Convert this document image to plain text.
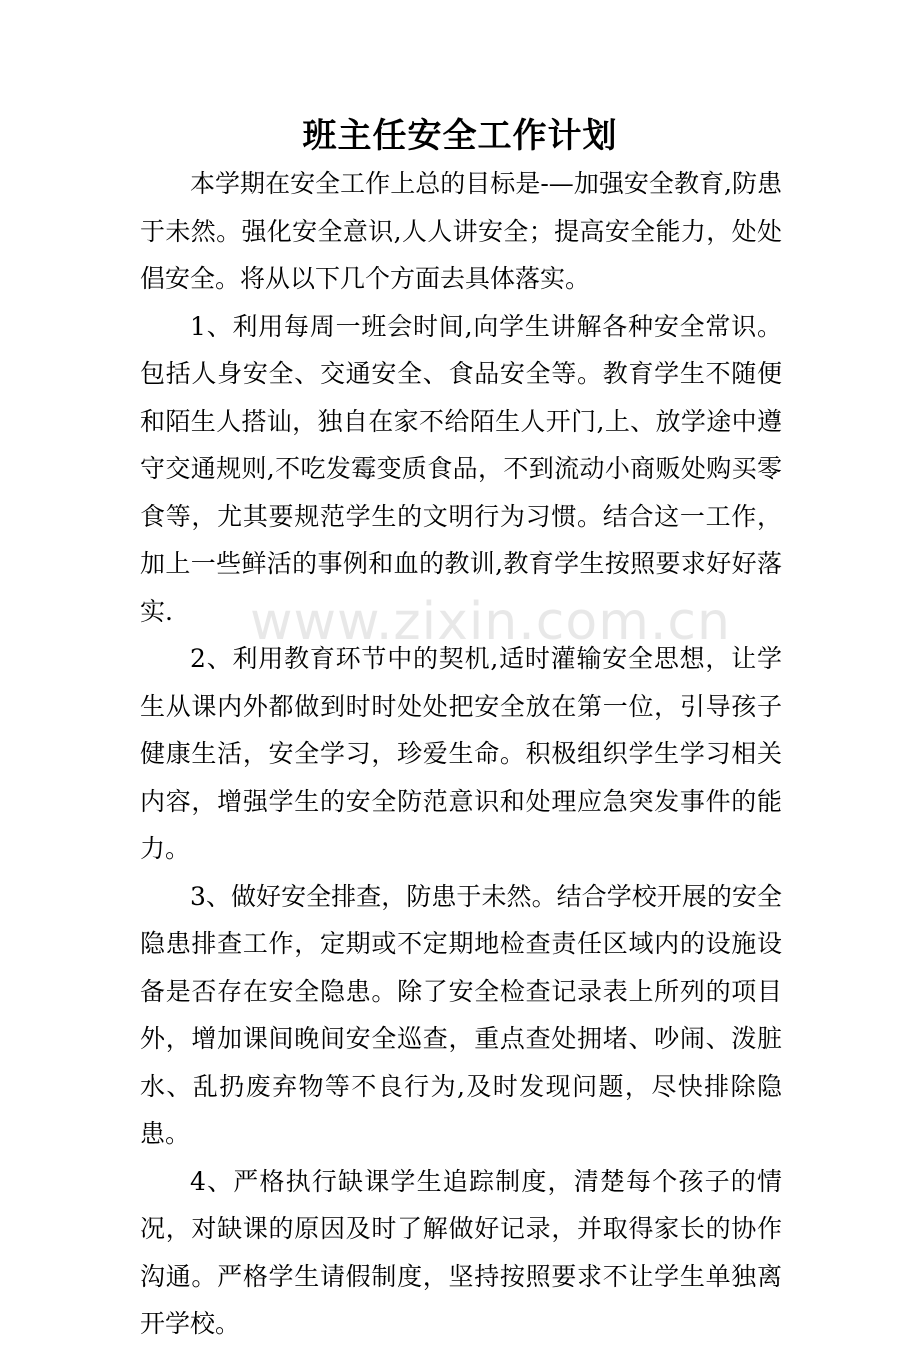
班主任安全工作计划

本学期在安全工作上总的目标是-—加强安全教育,防患于未然。强化安全意识,人人讲安全；提高安全能力，处处倡安全。将从以下几个方面去具体落实。

1、利用每周一班会时间,向学生讲解各种安全常识。包括人身安全、交通安全、食品安全等。教育学生不随便和陌生人搭讪，独自在家不给陌生人开门,上、放学途中遵守交通规则,不吃发霉变质食品，不到流动小商贩处购买零食等，尤其要规范学生的文明行为习惯。结合这一工作，加上一些鲜活的事例和血的教训,教育学生按照要求好好落实.

2、利用教育环节中的契机,适时灌输安全思想，让学生从课内外都做到时时处处把安全放在第一位，引导孩子健康生活，安全学习，珍爱生命。积极组织学生学习相关内容，增强学生的安全防范意识和处理应急突发事件的能力。

3、做好安全排查，防患于未然。结合学校开展的安全隐患排查工作，定期或不定期地检查责任区域内的设施设备是否存在安全隐患。除了安全检查记录表上所列的项目外，增加课间晚间安全巡查，重点查处拥堵、吵闹、泼脏水、乱扔废弃物等不良行为,及时发现问题，尽快排除隐患。

4、严格执行缺课学生追踪制度，清楚每个孩子的情况，对缺课的原因及时了解做好记录，并取得家长的协作沟通。严格学生请假制度，坚持按照要求不让学生单独离开学校。

www.zixin.com.cn
